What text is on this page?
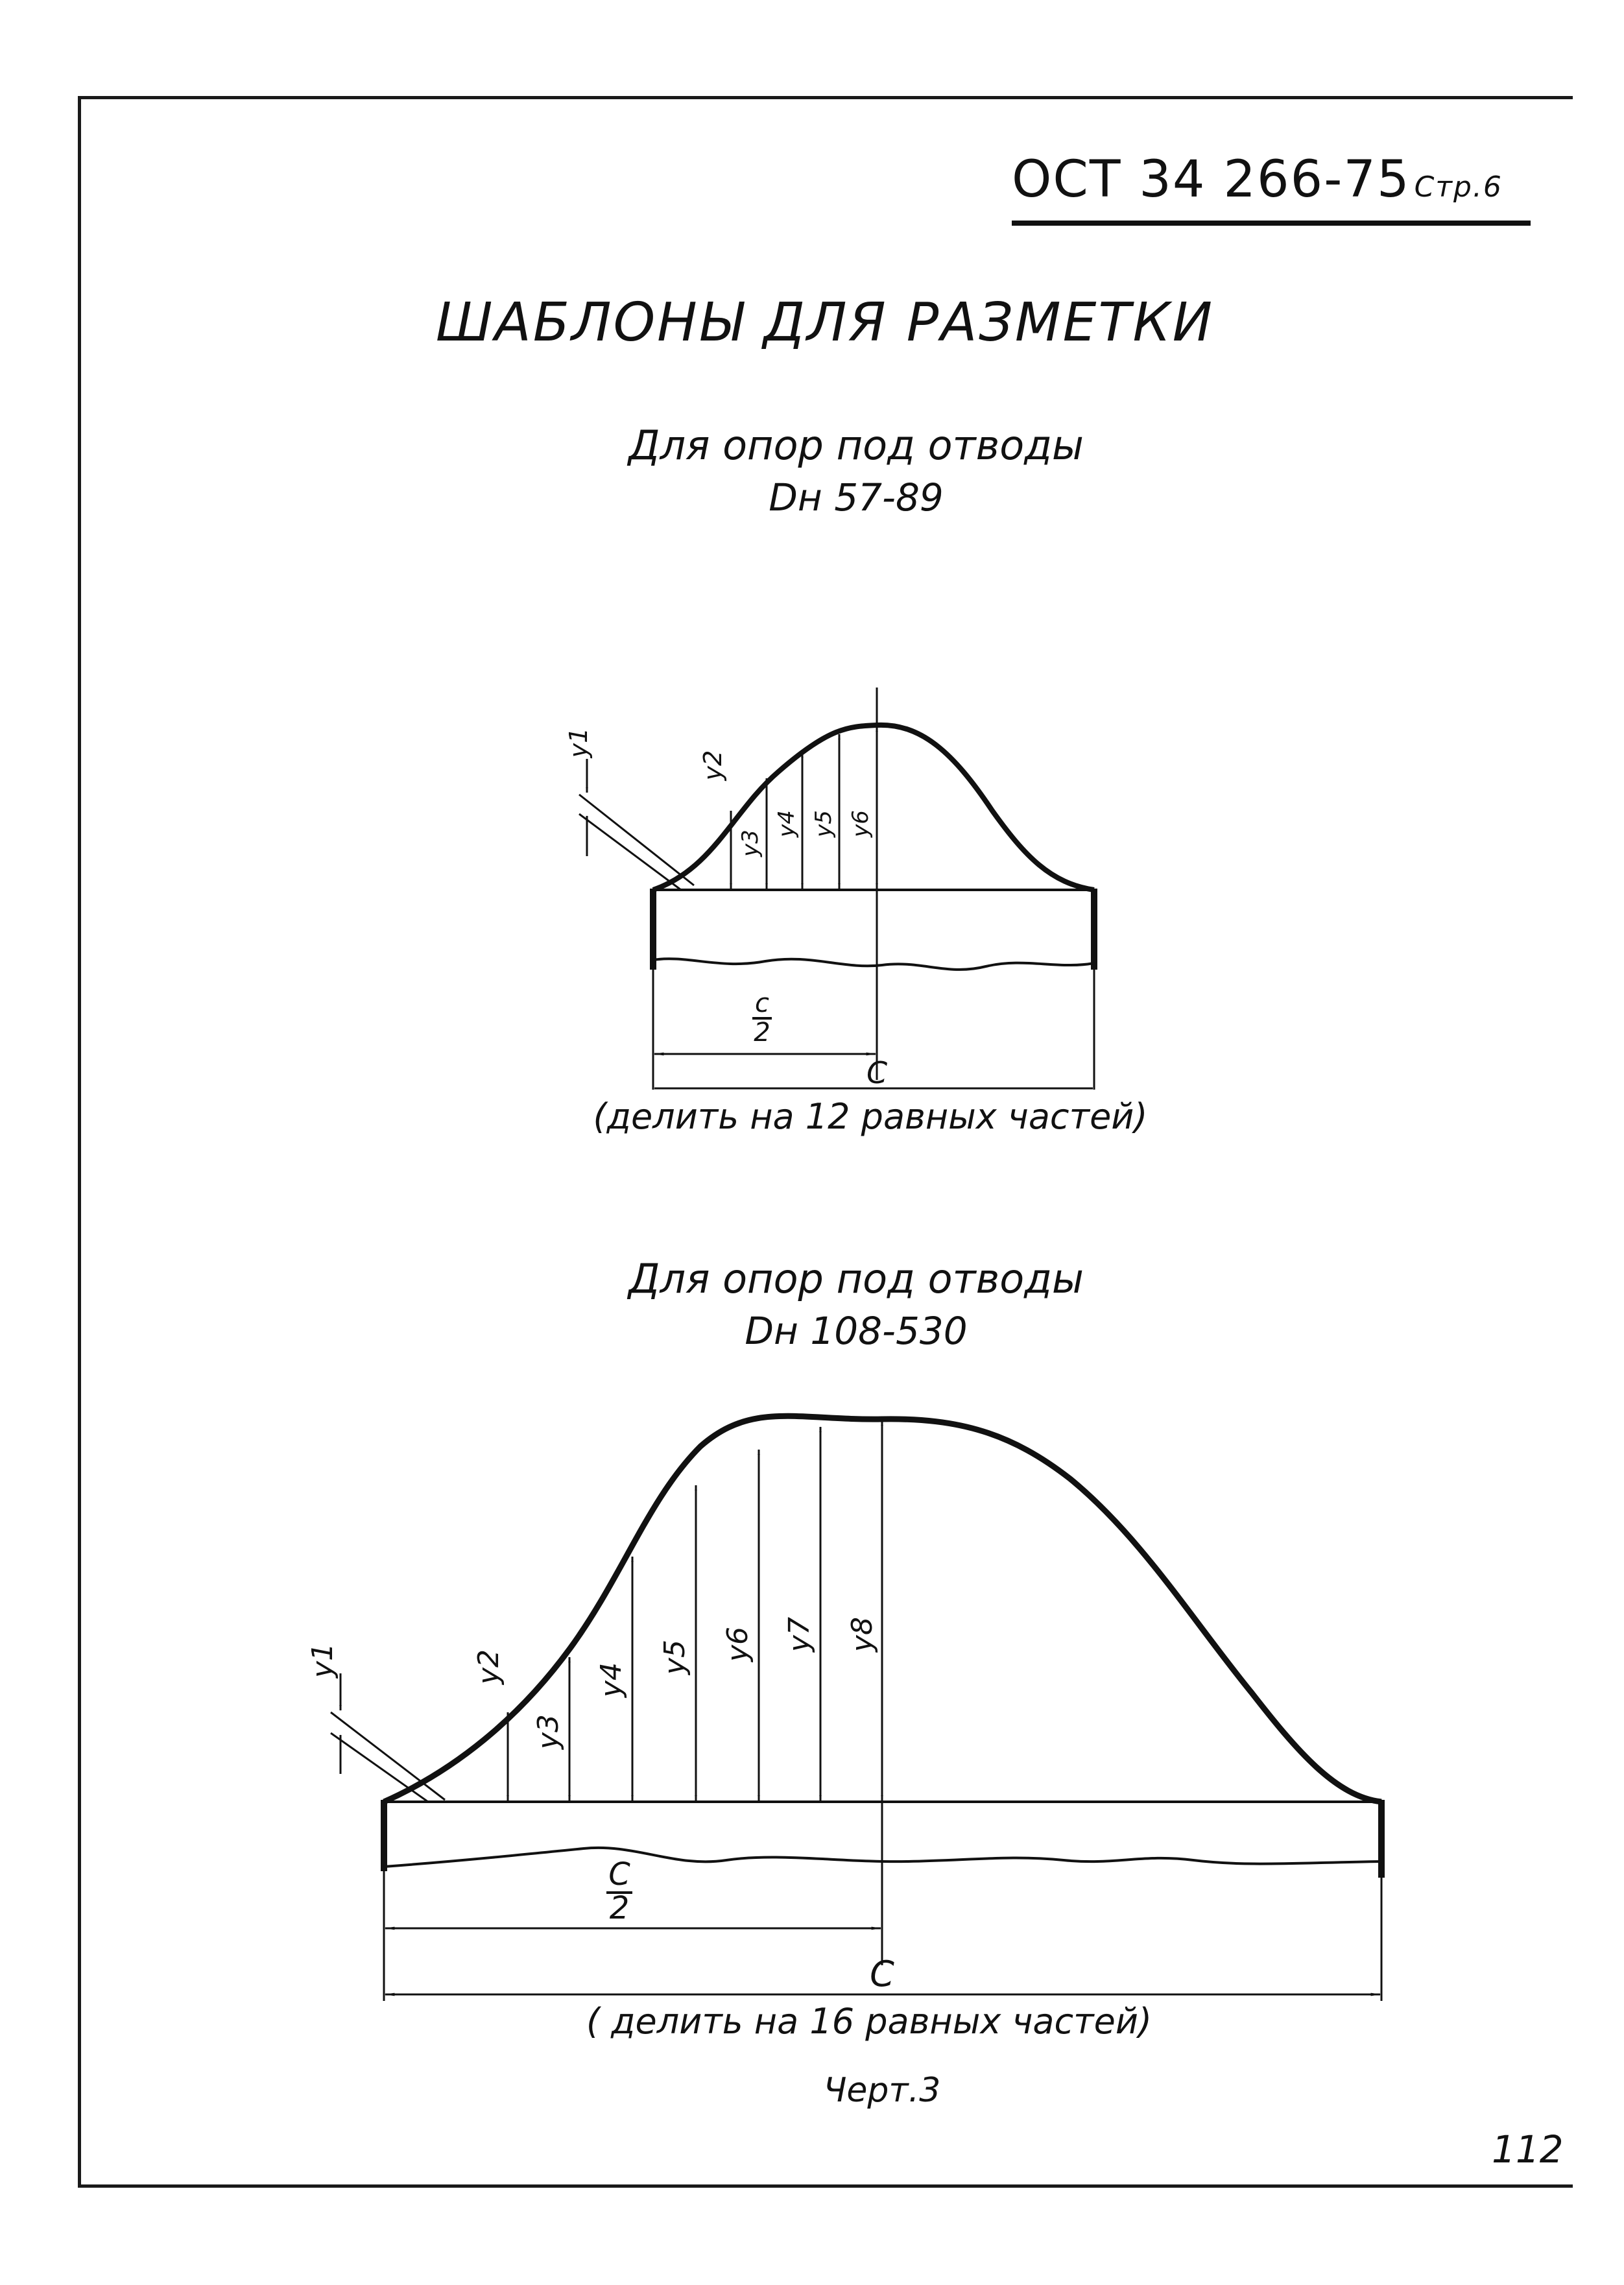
ОСТ 34 266-75 Стр.6
ШАБЛОНЫ ДЛЯ РАЗМЕТКИ
Для опор под отводы
Dн 57-89
Для опор под отводы
Dн 108-530
y1
y2
y3
y4 y5 y6
c
2
C
(делить на 12 равных частей)
y1	y2
y3
y4
y5 y6 y7 y8
C
2
C
( делить на 16 равных частей)
Черт.3
112
